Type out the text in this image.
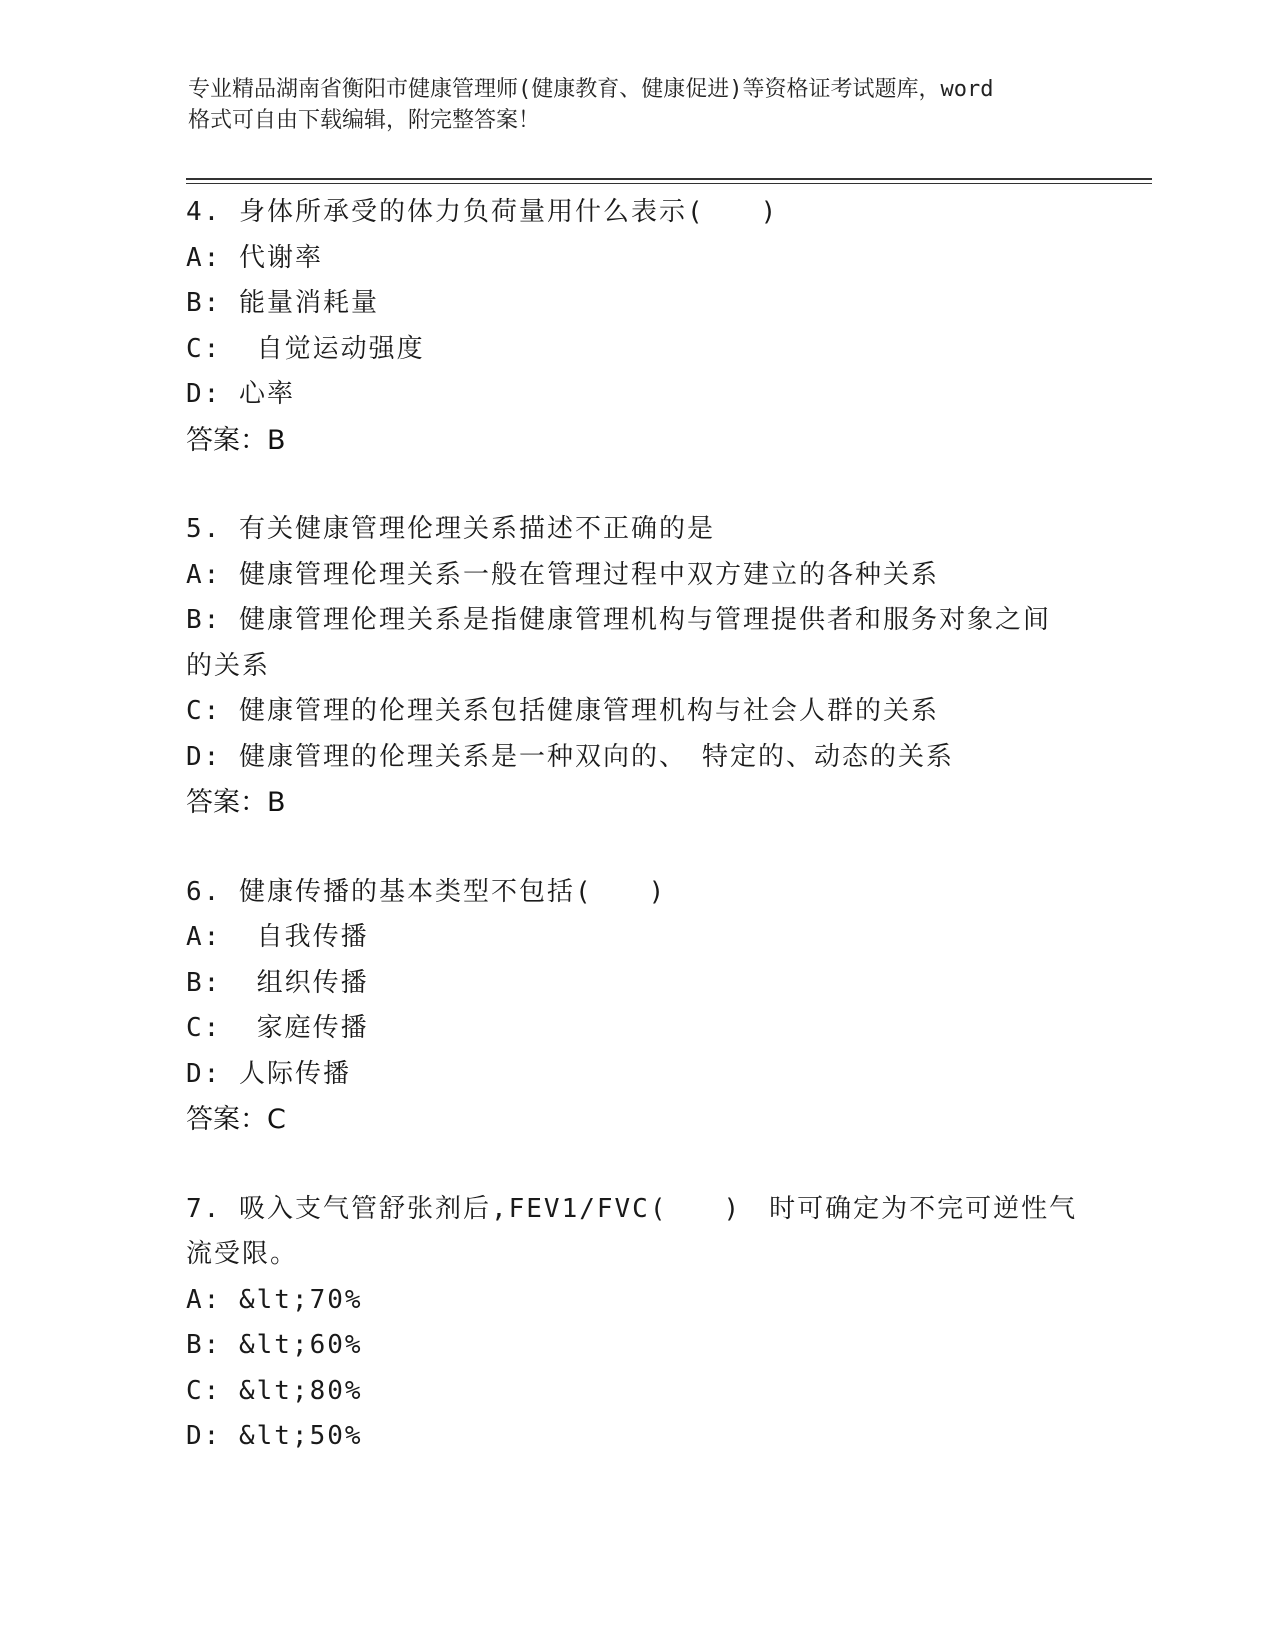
专业精品湖南省衡阳市健康管理师(健康教育、健康促进)等资格证考试题库，word
格式可自由下载编辑，附完整答案！
4. 身体所承受的体力负荷量用什么表示(　　)
A: 代谢率
B: 能量消耗量
C:  自觉运动强度
D: 心率
答案：B
5. 有关健康管理伦理关系描述不正确的是
A: 健康管理伦理关系一般在管理过程中双方建立的各种关系
B: 健康管理伦理关系是指健康管理机构与管理提供者和服务对象之间
的关系
C: 健康管理的伦理关系包括健康管理机构与社会人群的关系
D: 健康管理的伦理关系是一种双向的、　特定的、动态的关系
答案：B
6. 健康传播的基本类型不包括(　　)
A:  自我传播
B:  组织传播
C:  家庭传播
D: 人际传播
答案：C
7. 吸入支气管舒张剂后,FEV1/FVC(　　)　时可确定为不完可逆性气
流受限。
A: &lt;70%
B: &lt;60%
C: &lt;80%
D: &lt;50%
